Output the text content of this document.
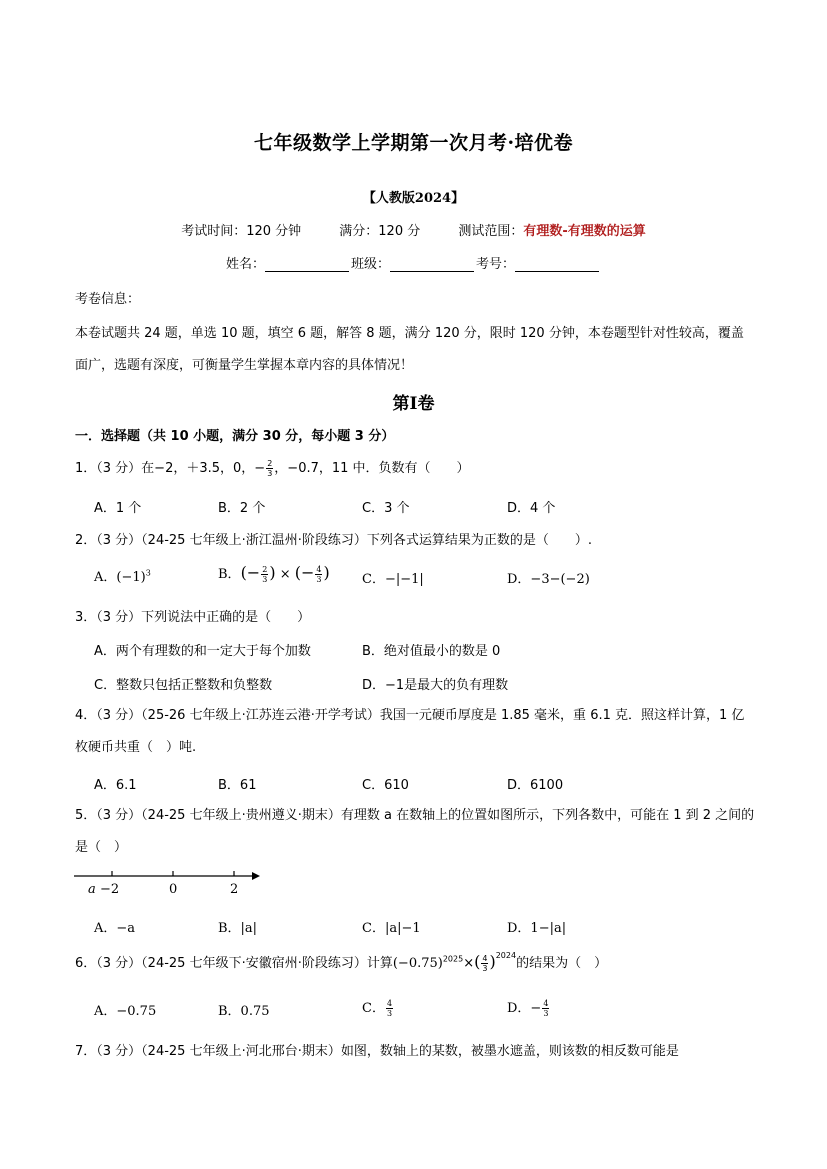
七年级数学上学期第一次月考·培优卷
【人教版2024】
考试时间：120 分钟	满分：120 分	测试范围：有理数-有理数的运算
姓名：	班级：	考号：
考卷信息：
本卷试题共 24 题，单选 10 题，填空 6 题，解答 8 题，满分 120 分，限时 120 分钟，本卷题型针对性较高，覆盖面广，选题有深度，可衡量学生掌握本章内容的具体情况！
第Ⅰ卷
一．选择题（共 10 小题，满分 30 分，每小题 3 分）
1．（3 分）在−2，＋3.5，0，− $\frac{2}{3}$ ，−0.7，11 中．负数有（　　）
A．1 个	B．2 个	C．3 个	D．4 个
2．（3 分）（24-25 七年级上·浙江温州·阶段练习）下列各式运算结果为正数的是（　　）.
A．$(-1)^3$	B．(− $\frac{2}{3}$ ) × (− $\frac{4}{3}$ ) C．−|−1|	D．−3−(−2)
3．（3 分）下列说法中正确的是（　　）
A．两个有理数的和一定大于每个加数	B．绝对值最小的数是 0
C．整数只包括正整数和负整数	D．−1是最大的负有理数
4．（3 分）（25-26 七年级上·江苏连云港·开学考试）我国一元硬币厚度是 1.85 毫米，重 6.1 克．照这样计算，1 亿枚硬币共重（　）吨.
A．6.1	B．61	C．610	D．6100
5．（3 分）（24-25 七年级上·贵州遵义·期末）有理数 a 在数轴上的位置如图所示，下列各数中，可能在 1 到 2 之间的是（　）
a −2	0	2
A．−a	B．|a|	C．|a|−1	D．1−|a|
6．（3 分）（24-25 七年级下·安徽宿州·阶段练习）计算$(-0.75)^{2025}\times( \frac{4}{3} )^{2024}$的结果为（　）
A．−0.75	B．0.75	C． $\frac{4}{3}$	D．− $\frac{4}{3}$
7．（3 分）（24-25 七年级上·河北邢台·期末）如图，数轴上的某数，被墨水遮盖，则该数的相反数可能是
